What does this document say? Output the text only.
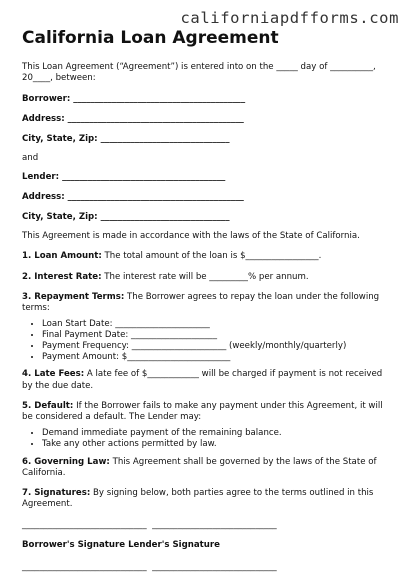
californiapdfforms.com
California Loan Agreement

This Loan Agreement (“Agreement”) is entered into on the _____ day of __________,
20____, between:

Borrower: ________________________________________

Address: _________________________________________

City, State, Zip: ______________________________

and

Lender: ______________________________________

Address: _________________________________________

City, State, Zip: ______________________________

This Agreement is made in accordance with the laws of the State of California.

1. Loan Amount: The total amount of the loan is $_________________.

2. Interest Rate: The interest rate will be _________% per annum.

3. Repayment Terms: The Borrower agrees to repay the loan under the following terms:

• Loan Start Date: ______________________
• Final Payment Date: ____________________
• Payment Frequency: ______________________ (weekly/monthly/quarterly)
• Payment Amount: $________________________

4. Late Fees: A late fee of $____________ will be charged if payment is not received by the due date.

5. Default: If the Borrower fails to make any payment under this Agreement, it will be considered a default. The Lender may:

• Demand immediate payment of the remaining balance.
• Take any other actions permitted by law.

6. Governing Law: This Agreement shall be governed by the laws of the State of California.

7. Signatures: By signing below, both parties agree to the terms outlined in this Agreement.

_____________________________  _____________________________

Borrower's Signature Lender's Signature

_____________________________  _____________________________
